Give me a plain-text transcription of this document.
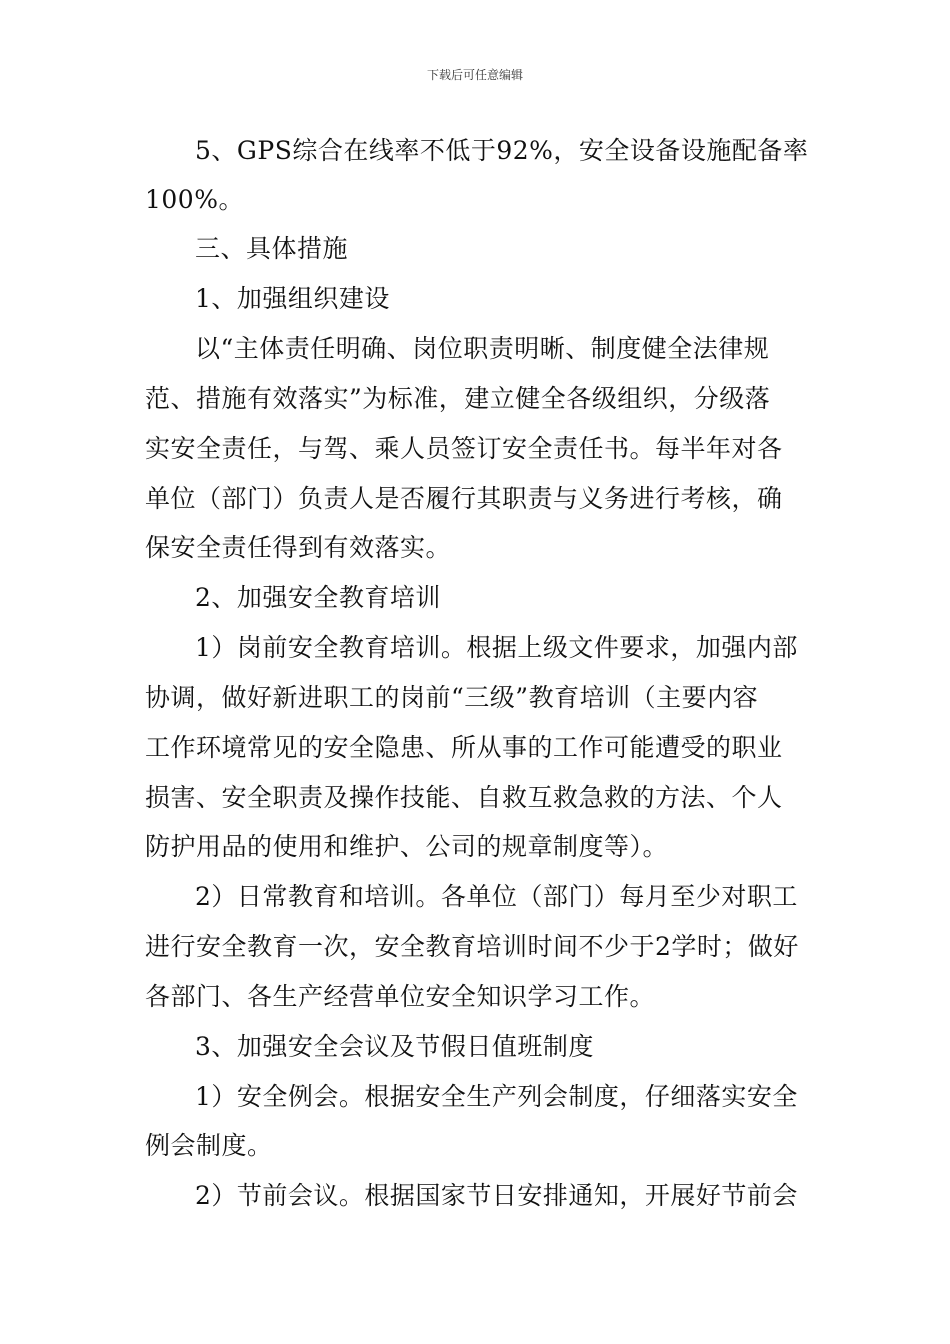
下载后可任意编辑
5、GPS综合在线率不低于92%，安全设备设施配备率
100%。
三、具体措施
1、加强组织建设
以“主体责任明确、岗位职责明晰、制度健全法律规
范、措施有效落实”为标准，建立健全各级组织，分级落
实安全责任，与驾、乘人员签订安全责任书。每半年对各
单位（部门）负责人是否履行其职责与义务进行考核，确
保安全责任得到有效落实。
2、加强安全教育培训
1）岗前安全教育培训。根据上级文件要求，加强内部
协调，做好新进职工的岗前“三级”教育培训（主要内容
工作环境常见的安全隐患、所从事的工作可能遭受的职业
损害、安全职责及操作技能、自救互救急救的方法、个人
防护用品的使用和维护、公司的规章制度等）。
2）日常教育和培训。各单位（部门）每月至少对职工
进行安全教育一次，安全教育培训时间不少于2学时；做好
各部门、各生产经营单位安全知识学习工作。
3、加强安全会议及节假日值班制度
1）安全例会。根据安全生产列会制度，仔细落实安全
例会制度。
2）节前会议。根据国家节日安排通知，开展好节前会
